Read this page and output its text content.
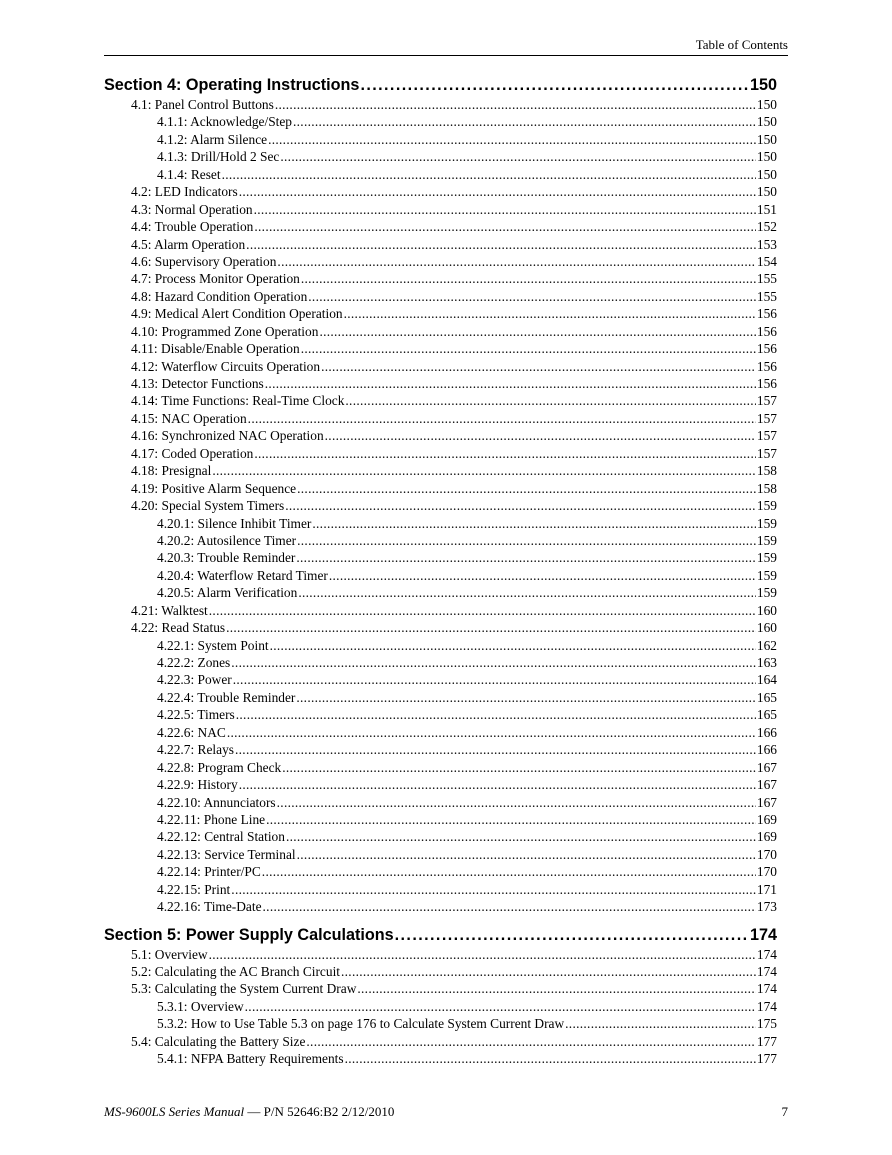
Table of Contents
Section 4: Operating Instructions .....	150
4.1: Panel Control Buttons .....	150
4.1.1: Acknowledge/Step .....	150
4.1.2: Alarm Silence .....	150
4.1.3: Drill/Hold 2 Sec .....	150
4.1.4: Reset .....	150
4.2: LED Indicators .....	150
4.3: Normal Operation .....	151
4.4: Trouble Operation .....	152
4.5: Alarm Operation .....	153
4.6: Supervisory Operation .....	154
4.7: Process Monitor Operation .....	155
4.8: Hazard Condition Operation .....	155
4.9: Medical Alert Condition Operation .....	156
4.10: Programmed Zone Operation .....	156
4.11: Disable/Enable Operation .....	156
4.12: Waterflow Circuits Operation .....	156
4.13: Detector Functions .....	156
4.14: Time Functions: Real-Time Clock .....	157
4.15: NAC Operation .....	157
4.16: Synchronized NAC Operation .....	157
4.17: Coded Operation .....	157
4.18: Presignal .....	158
4.19: Positive Alarm Sequence .....	158
4.20: Special System Timers .....	159
4.20.1: Silence Inhibit Timer .....	159
4.20.2: Autosilence Timer .....	159
4.20.3: Trouble Reminder .....	159
4.20.4: Waterflow Retard Timer .....	159
4.20.5: Alarm Verification .....	159
4.21: Walktest .....	160
4.22: Read Status .....	160
4.22.1: System Point .....	162
4.22.2: Zones .....	163
4.22.3: Power .....	164
4.22.4: Trouble Reminder .....	165
4.22.5: Timers .....	165
4.22.6: NAC .....	166
4.22.7: Relays .....	166
4.22.8: Program Check .....	167
4.22.9: History .....	167
4.22.10: Annunciators .....	167
4.22.11: Phone Line .....	169
4.22.12: Central Station .....	169
4.22.13: Service Terminal .....	170
4.22.14: Printer/PC .....	170
4.22.15: Print .....	171
4.22.16: Time-Date .....	173
Section 5: Power Supply Calculations .....	174
5.1: Overview .....	174
5.2: Calculating the AC Branch Circuit .....	174
5.3: Calculating the System Current Draw .....	174
5.3.1: Overview .....	174
5.3.2: How to Use Table 5.3 on page 176 to Calculate System Current Draw .....	175
5.4: Calculating the Battery Size .....	177
5.4.1: NFPA Battery Requirements .....	177
MS-9600LS Series Manual — P/N 52646:B2 2/12/2010	7
